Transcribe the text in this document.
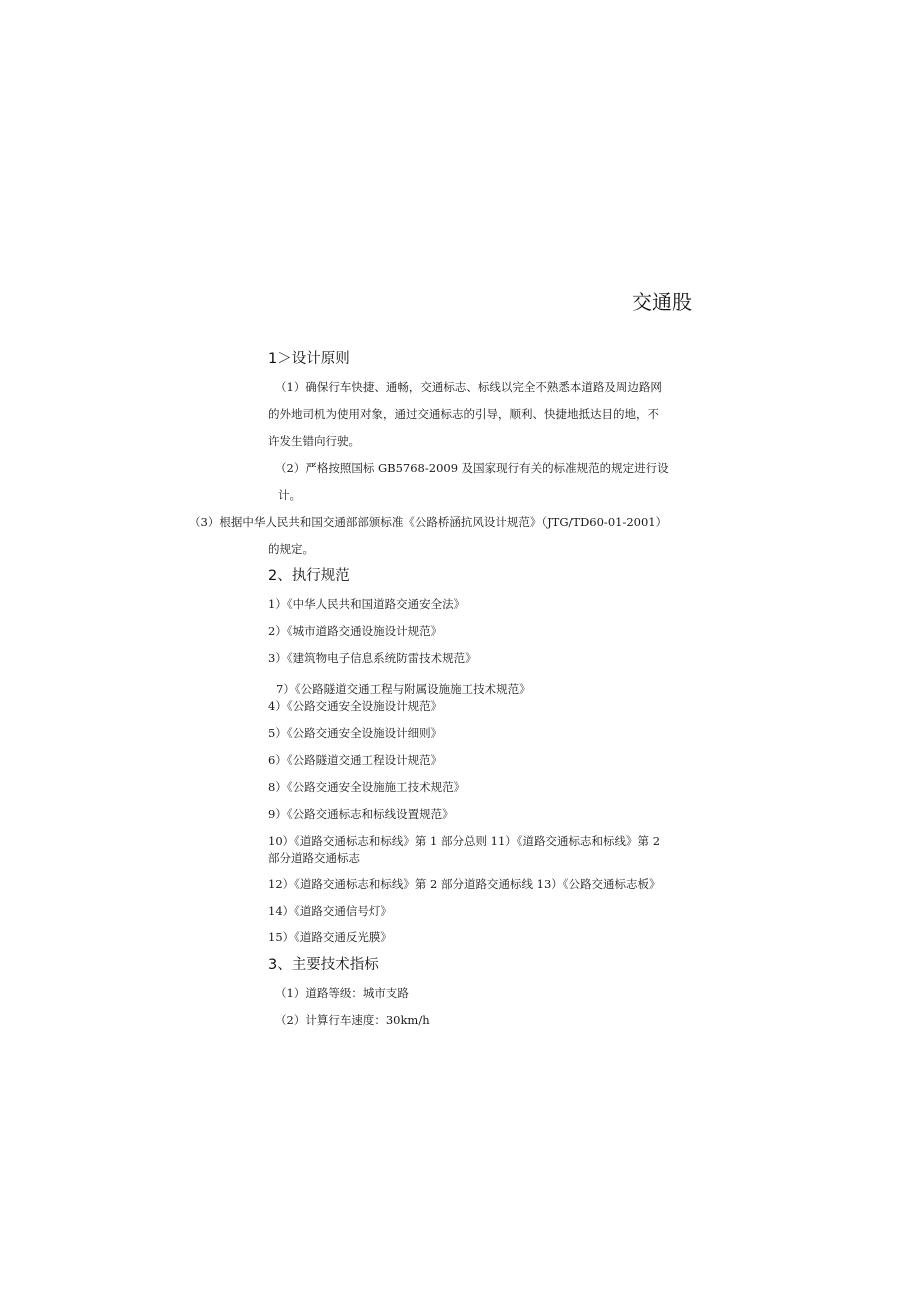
交通股
1＞设计原则
（1）确保行车快捷、通畅，交通标志、标线以完全不熟悉本道路及周边路网
的外地司机为使用对象，通过交通标志的引导，顺利、快捷地抵达目的地，不
许发生错向行驶。
（2）严格按照国标 GB5768-2009 及国家现行有关的标准规范的规定进行设
计。
（3）根据中华人民共和国交通部部颁标准《公路桥涵抗风设计规范》（JTG/TD60-01-2001）
的规定。
2、执行规范
1）《中华人民共和国道路交通安全法》
2）《城市道路交通设施设计规范》
3）《建筑物电子信息系统防雷技术规范》
7）《公路隧道交通工程与附属设施施工技术规范》
4）《公路交通安全设施设计规范》
5）《公路交通安全设施设计细则》
6）《公路隧道交通工程设计规范》
8）《公路交通安全设施施工技术规范》
9）《公路交通标志和标线设置规范》
10）《道路交通标志和标线》第 1 部分总则 11）《道路交通标志和标线》第 2
部分道路交通标志
12）《道路交通标志和标线》第 2 部分道路交通标线 13）《公路交通标志板》
14）《道路交通信号灯》
15）《道路交通反光膜》
3、主要技术指标
（1）道路等级：城市支路
（2）计算行车速度：30km/h
